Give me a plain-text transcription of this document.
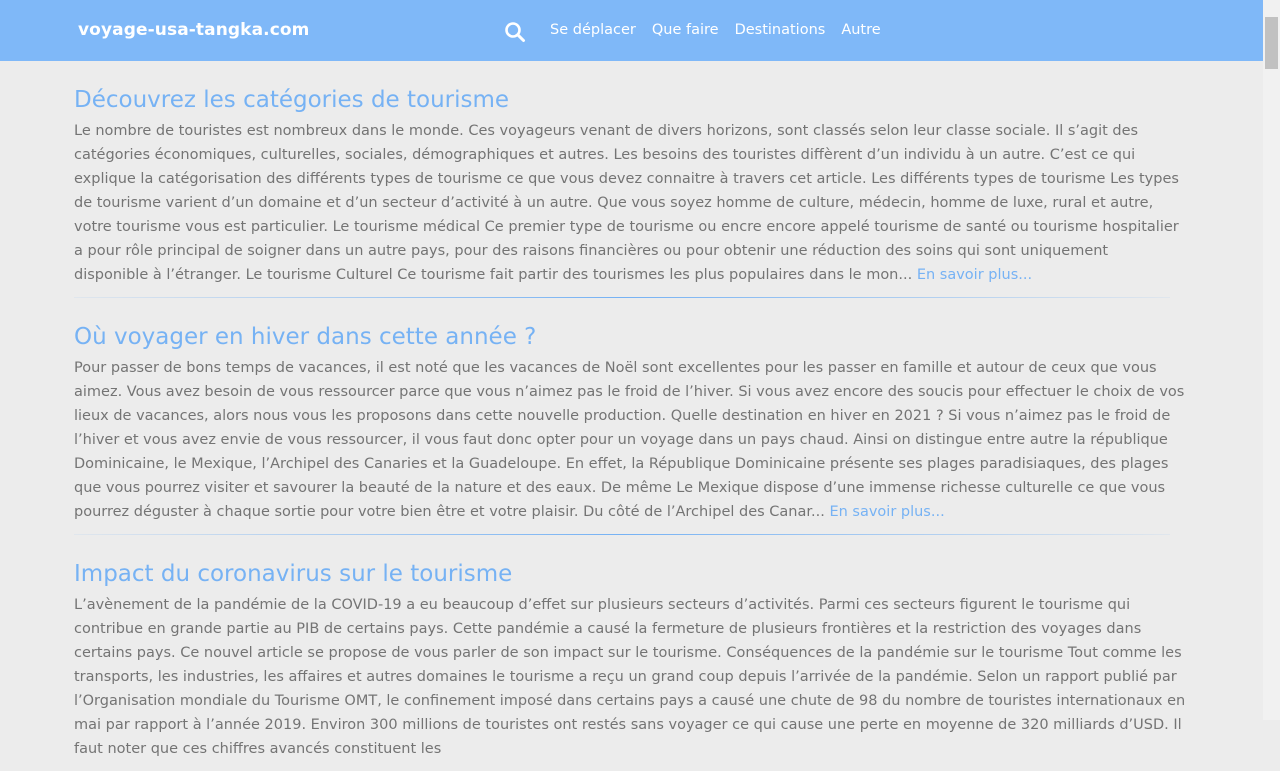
voyage-usa-tangka.com	Se déplacer Que faire Destinations Autre
Découvrez les catégories de tourisme

Le nombre de touristes est nombreux dans le monde. Ces voyageurs venant de divers horizons, sont classés selon leur classe sociale. Il s’agit des catégories économiques, culturelles, sociales, démographiques et autres. Les besoins des touristes diffèrent d’un individu à un autre. C’est ce qui explique la catégorisation des différents types de tourisme ce que vous devez connaitre à travers cet article. Les différents types de tourisme Les types de tourisme varient d’un domaine et d’un secteur d’activité à un autre. Que vous soyez homme de culture, médecin, homme de luxe, rural et autre, votre tourisme vous est particulier. Le tourisme médical Ce premier type de tourisme ou encre encore appelé tourisme de santé ou tourisme hospitalier a pour rôle principal de soigner dans un autre pays, pour des raisons financières ou pour obtenir une réduction des soins qui sont uniquement disponible à l’étranger. Le tourisme Culturel Ce tourisme fait partir des tourismes les plus populaires dans le mon... En savoir plus...

Où voyager en hiver dans cette année ?

Pour passer de bons temps de vacances, il est noté que les vacances de Noël sont excellentes pour les passer en famille et autour de ceux que vous aimez. Vous avez besoin de vous ressourcer parce que vous n’aimez pas le froid de l’hiver. Si vous avez encore des soucis pour effectuer le choix de vos lieux de vacances, alors nous vous les proposons dans cette nouvelle production. Quelle destination en hiver en 2021 ? Si vous n’aimez pas le froid de l’hiver et vous avez envie de vous ressourcer, il vous faut donc opter pour un voyage dans un pays chaud. Ainsi on distingue entre autre la république Dominicaine, le Mexique, l’Archipel des Canaries et la Guadeloupe. En effet, la République Dominicaine présente ses plages paradisiaques, des plages que vous pourrez visiter et savourer la beauté de la nature et des eaux. De même Le Mexique dispose d’une immense richesse culturelle ce que vous pourrez déguster à chaque sortie pour votre bien être et votre plaisir. Du côté de l’Archipel des Canar... En savoir plus...

Impact du coronavirus sur le tourisme

L’avènement de la pandémie de la COVID-19 a eu beaucoup d’effet sur plusieurs secteurs d’activités. Parmi ces secteurs figurent le tourisme qui contribue en grande partie au PIB de certains pays. Cette pandémie a causé la fermeture de plusieurs frontières et la restriction des voyages dans certains pays. Ce nouvel article se propose de vous parler de son impact sur le tourisme. Conséquences de la pandémie sur le tourisme Tout comme les transports, les industries, les affaires et autres domaines le tourisme a reçu un grand coup depuis l’arrivée de la pandémie. Selon un rapport publié par l’Organisation mondiale du Tourisme OMT, le confinement imposé dans certains pays a causé une chute de 98 du nombre de touristes internationaux en mai par rapport à l’année 2019. Environ 300 millions de touristes ont restés sans voyager ce qui cause une perte en moyenne de 320 milliards d’USD. Il faut noter que ces chiffres avancés constituent les
